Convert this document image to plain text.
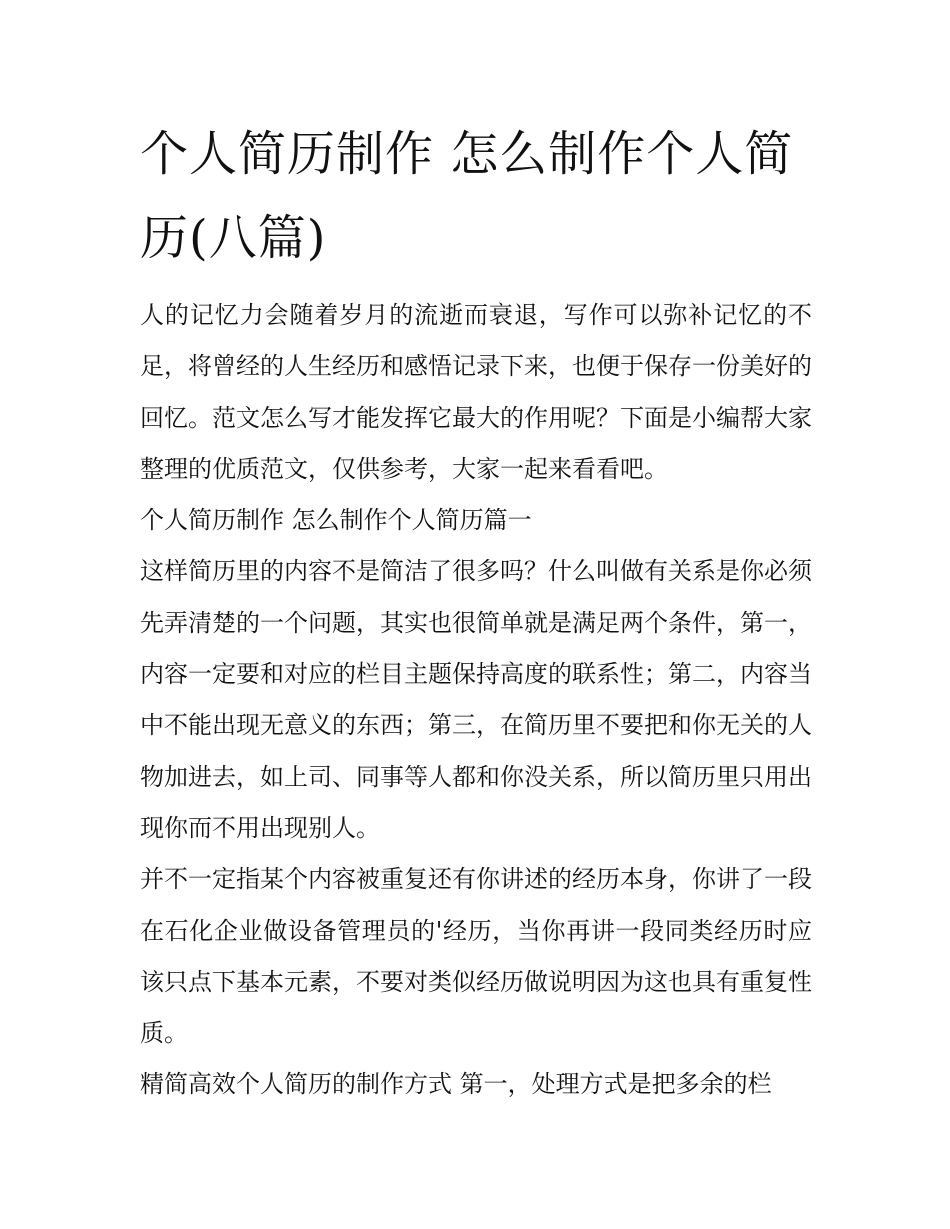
个人简历制作 怎么制作个人简历(八篇)

人的记忆力会随着岁月的流逝而衰退，写作可以弥补记忆的不足，将曾经的人生经历和感悟记录下来，也便于保存一份美好的回忆。范文怎么写才能发挥它最大的作用呢？下面是小编帮大家整理的优质范文，仅供参考，大家一起来看看吧。

个人简历制作 怎么制作个人简历篇一

这样简历里的内容不是简洁了很多吗？什么叫做有关系是你必须先弄清楚的一个问题，其实也很简单就是满足两个条件，第一，内容一定要和对应的栏目主题保持高度的联系性；第二，内容当中不能出现无意义的东西；第三，在简历里不要把和你无关的人物加进去，如上司、同事等人都和你没关系，所以简历里只用出现你而不用出现别人。

并不一定指某个内容被重复还有你讲述的经历本身，你讲了一段在石化企业做设备管理员的'经历，当你再讲一段同类经历时应该只点下基本元素，不要对类似经历做说明因为这也具有重复性质。

精简高效个人简历的制作方式 第一，处理方式是把多余的栏
